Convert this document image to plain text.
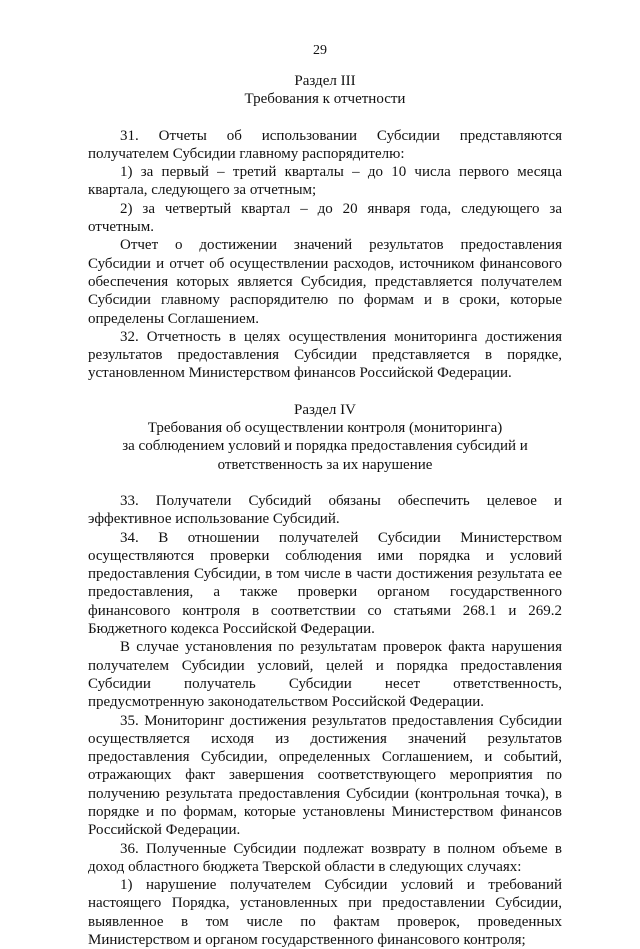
29

Раздел III

Требования к отчетности

31. Отчеты об использовании Субсидии представляются получателем Субсидии главному распорядителю:

1) за первый – третий кварталы – до 10 числа первого месяца квартала, следующего за отчетным;

2) за четвертый квартал – до 20 января года, следующего за отчетным.

Отчет о достижении значений результатов предоставления Субсидии и отчет об осуществлении расходов, источником финансового обеспечения которых является Субсидия, представляется получателем Субсидии главному распорядителю по формам и в сроки, которые определены Соглашением.

32. Отчетность в целях осуществления мониторинга достижения результатов предоставления Субсидии представляется в порядке, установленном Министерством финансов Российской Федерации.

Раздел IV

Требования об осуществлении контроля (мониторинга)

за соблюдением условий и порядка предоставления субсидий и

ответственность за их нарушение

33. Получатели Субсидий обязаны обеспечить целевое и эффективное использование Субсидий.

34. В отношении получателей Субсидии Министерством осуществляются проверки соблюдения ими порядка и условий предоставления Субсидии, в том числе в части достижения результата ее предоставления, а также проверки органом государственного финансового контроля в соответствии со статьями 268.1 и 269.2 Бюджетного кодекса Российской Федерации.

В случае установления по результатам проверок факта нарушения получателем Субсидии условий, целей и порядка предоставления Субсидии получатель Субсидии несет ответственность, предусмотренную законодательством Российской Федерации.

35. Мониторинг достижения результатов предоставления Субсидии осуществляется исходя из достижения значений результатов предоставления Субсидии, определенных Соглашением, и событий, отражающих факт завершения соответствующего мероприятия по получению результата предоставления Субсидии (контрольная точка), в порядке и по формам, которые установлены Министерством финансов Российской Федерации.

36. Полученные Субсидии подлежат возврату в полном объеме в доход областного бюджета Тверской области в следующих случаях:

1) нарушение получателем Субсидии условий и требований настоящего Порядка, установленных при предоставлении Субсидии, выявленное в том числе по фактам проверок, проведенных Министерством и органом государственного финансового контроля;
